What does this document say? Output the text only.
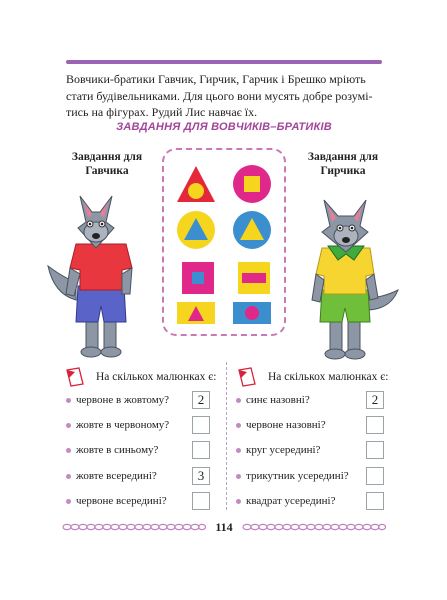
Вовчики-братики Гавчик, Гирчик, Гарчик і Брешко мріють
стати будівельниками. Для цього вони мусять добре розумі-
тись на фігурах. Рудий Лис навчає їх.
ЗАВДАННЯ ДЛЯ ВОВЧИКІВ–БРАТИКІВ
Завдання для
Гавчика
Завдання для
Гирчика
На скількох малюнках є:
червоне в жовтому?
жовте в червоному?
жовте в синьому?
жовте всередині?
червоне всередині?
2
3
На скількох малюнках є:
синє назовні?
червоне назовні?
круг усередині?
трикутник усередині?
квадрат усередині?
2
114
